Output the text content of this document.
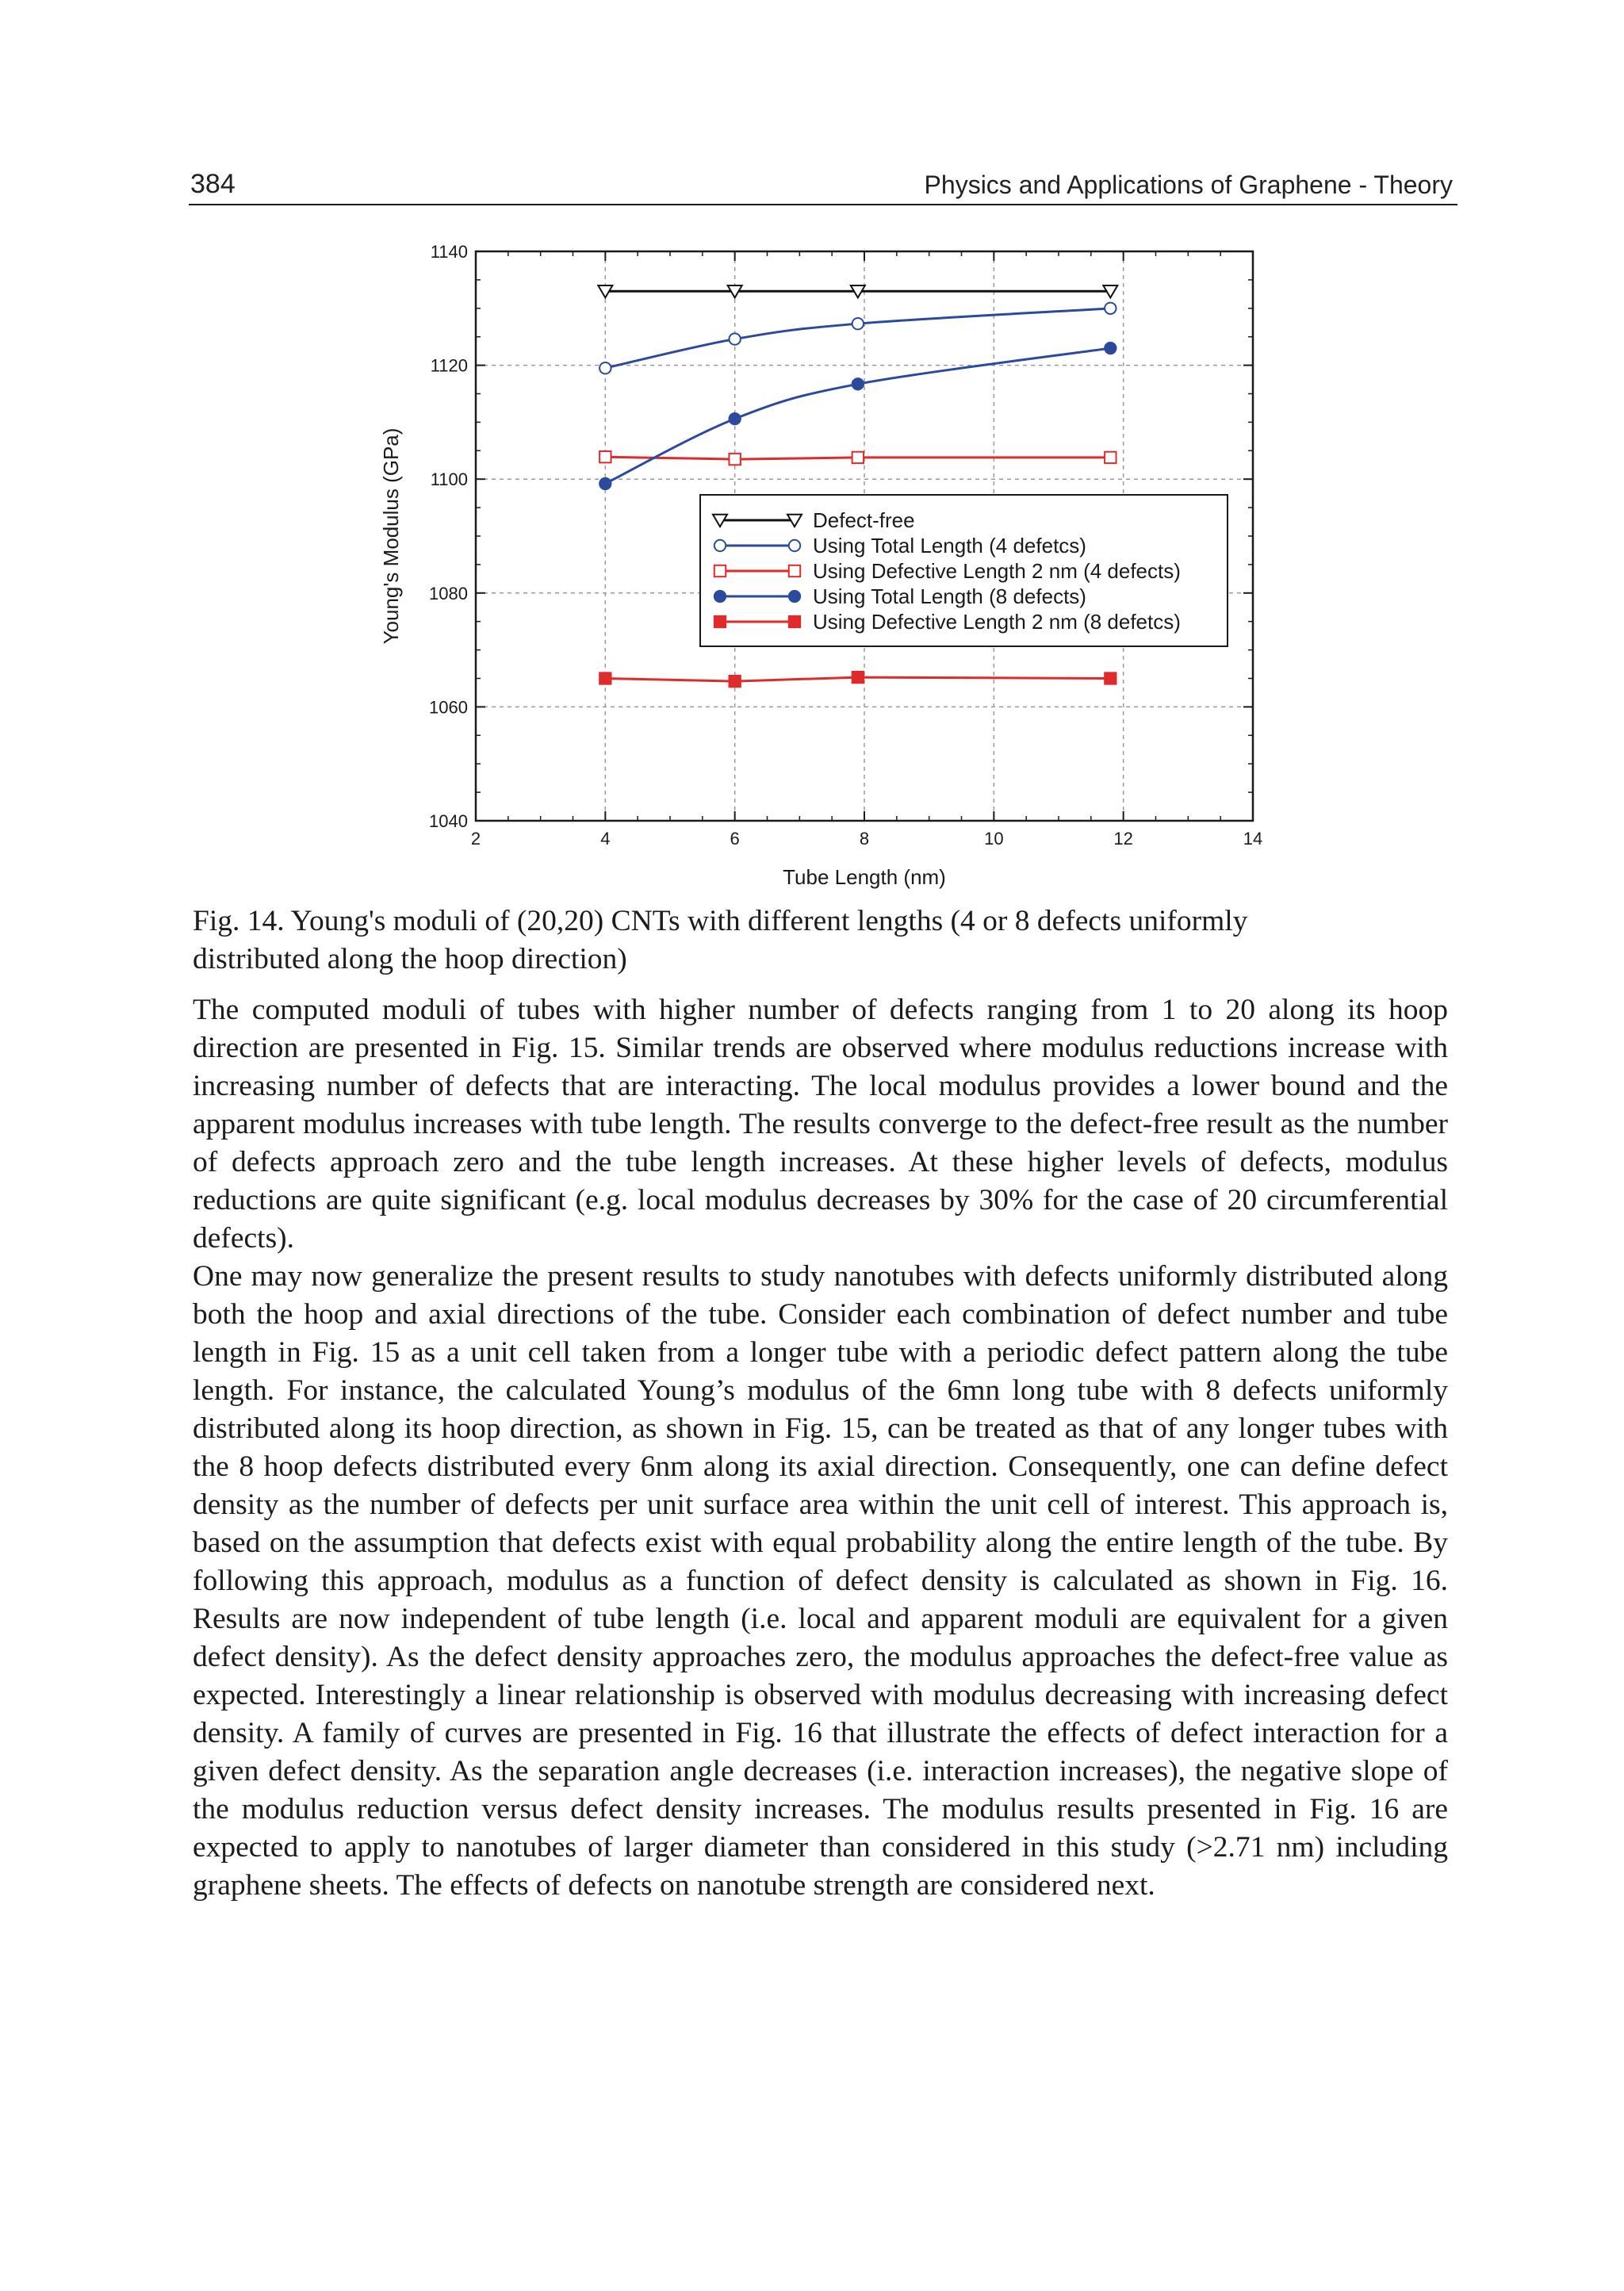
384	Physics and Applications of Graphene - Theory
2	4	6	8	10	12	14
1040
1060
1080
1100
1120
1140
Tube Length (nm)
Young's Modulus (GPa)	Defect-free
Using Total Length (4 defetcs)
Using Defective Length 2 nm (4 defects)
Using Total Length (8 defects)
Using Defective Length 2 nm (8 defetcs)
Fig. 14. Young's moduli of (20,20) CNTs with different lengths (4 or 8 defects uniformly distributed along the hoop direction)

The computed moduli of tubes with higher number of defects ranging from 1 to 20 along its hoop direction are presented in Fig. 15. Similar trends are observed where modulus reductions increase with increasing number of defects that are interacting. The local modulus provides a lower bound and the apparent modulus increases with tube length. The results converge to the defect-free result as the number of defects approach zero and the tube length increases. At these higher levels of defects, modulus reductions are quite significant (e.g. local modulus decreases by 30% for the case of 20 circumferential defects).

One may now generalize the present results to study nanotubes with defects uniformly distributed along both the hoop and axial directions of the tube. Consider each combination of defect number and tube length in Fig. 15 as a unit cell taken from a longer tube with a periodic defect pattern along the tube length. For instance, the calculated Young’s modulus of the 6mn long tube with 8 defects uniformly distributed along its hoop direction, as shown in Fig. 15, can be treated as that of any longer tubes with the 8 hoop defects distributed every 6nm along its axial direction. Consequently, one can define defect density as the number of defects per unit surface area within the unit cell of interest. This approach is, based on the assumption that defects exist with equal probability along the entire length of the tube. By following this approach, modulus as a function of defect density is calculated as shown in Fig. 16. Results are now independent of tube length (i.e. local and apparent moduli are equivalent for a given defect density). As the defect density approaches zero, the modulus approaches the defect-free value as expected. Interestingly a linear relationship is observed with modulus decreasing with increasing defect density. A family of curves are presented in Fig. 16 that illustrate the effects of defect interaction for a given defect density. As the separation angle decreases (i.e. interaction increases), the negative slope of the modulus reduction versus defect density increases. The modulus results presented in Fig. 16 are expected to apply to nanotubes of larger diameter than considered in this study (>2.71 nm) including graphene sheets. The effects of defects on nanotube strength are considered next.
